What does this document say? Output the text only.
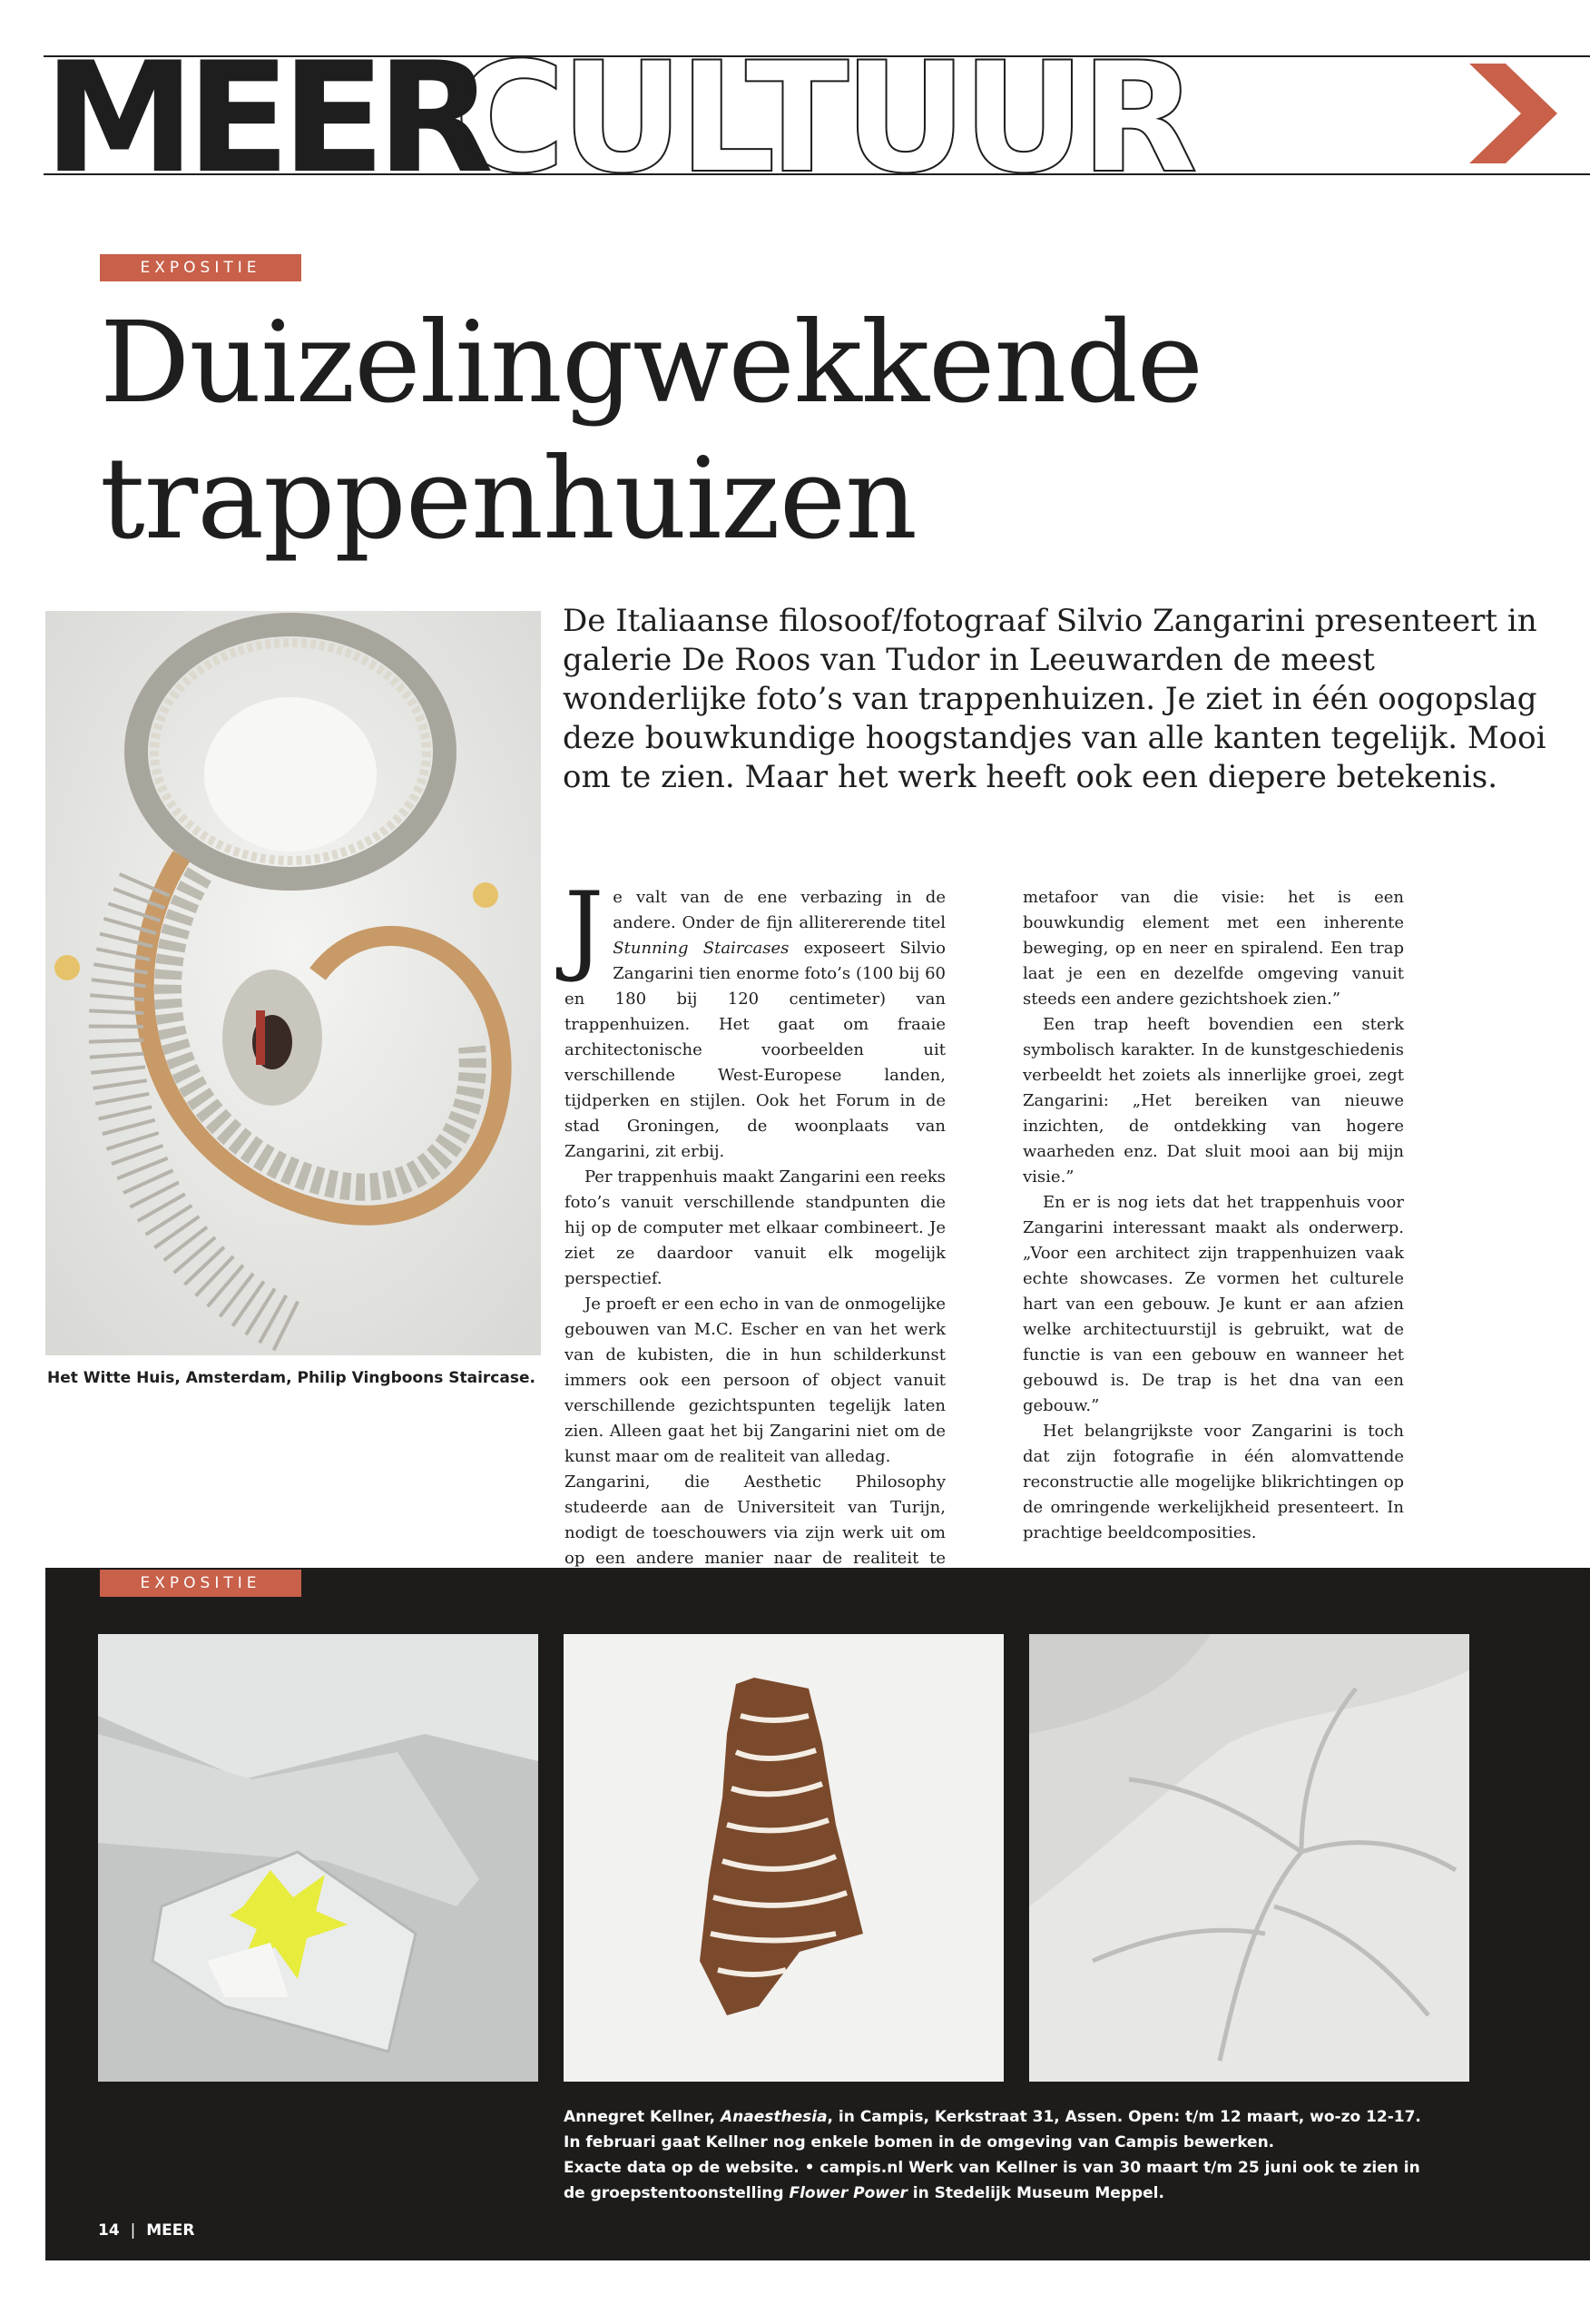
MEER
CULTUUR
EXPOSITIE
Duizelingwekkende
trappenhuizen
Het Witte Huis, Amsterdam, Philip Vingboons Staircase.
De Italiaanse filosoof/fotograaf Silvio Zangarini presenteert in galerie De Roos van Tudor in Leeuwarden de meest wonderlijke foto’s van trappenhuizen. Je ziet in één oogopslag deze bouwkundige hoogstandjes van alle kanten tegelijk. Mooi om te zien. Maar het werk heeft ook een diepere betekenis.

Je valt van de ene verbazing in de andere. Onder de fijn allitererende titel Stunning Staircases exposeert Silvio Zangarini tien enorme foto’s (100 bij 60 en 180 bij 120 centimeter) van trappenhuizen. Het gaat om fraaie architectonische voorbeelden uit verschillende West-Europese landen, tijdperken en stijlen. Ook het Forum in de stad Groningen, de woonplaats van Zangarini, zit erbij.

Per trappenhuis maakt Zangarini een reeks foto’s vanuit verschillende standpunten die hij op de computer met elkaar combineert. Je ziet ze daardoor vanuit elk mogelijk perspectief.

Je proeft er een echo in van de onmogelijke gebouwen van M.C. Escher en van het werk van de kubisten, die in hun schilderkunst immers ook een persoon of object vanuit verschillende gezichtspunten tegelijk laten zien. Alleen gaat het bij Zangarini niet om de kunst maar om de realiteit van alledag.

Zangarini, die Aesthetic Philosophy studeerde aan de Universiteit van Turijn, nodigt de toeschouwers via zijn werk uit om op een andere manier naar de realiteit te

metafoor van die visie: het is een bouwkundig element met een inherente beweging, op en neer en spiralend. Een trap laat je een en dezelfde omgeving vanuit steeds een andere gezichtshoek zien.”

Een trap heeft bovendien een sterk symbolisch karakter. In de kunstgeschiedenis verbeeldt het zoiets als innerlijke groei, zegt Zangarini: „Het bereiken van nieuwe inzichten, de ontdekking van hogere waarheden enz. Dat sluit mooi aan bij mijn visie.”

En er is nog iets dat het trappenhuis voor Zangarini interessant maakt als onderwerp. „Voor een architect zijn trappenhuizen vaak echte showcases. Ze vormen het culturele hart van een gebouw. Je kunt er aan afzien welke architectuurstijl is gebruikt, wat de functie is van een gebouw en wanneer het gebouwd is. De trap is het dna van een gebouw.”

Het belangrijkste voor Zangarini is toch dat zijn fotografie in één alomvattende reconstructie alle mogelijke blikrichtingen op de omringende werkelijkheid presenteert. In prachtige beeldcomposities.

EXPOSITIE
Annegret Kellner, Anaesthesia, in Campis, Kerkstraat 31, Assen. Open: t/m 12 maart, wo-zo 12-17.
In februari gaat Kellner nog enkele bomen in de omgeving van Campis bewerken.
Exacte data op de website. • campis.nl Werk van Kellner is van 30 maart t/m 25 juni ook te zien in
de groepstentoonstelling Flower Power in Stedelijk Museum Meppel.
14 | MEER
